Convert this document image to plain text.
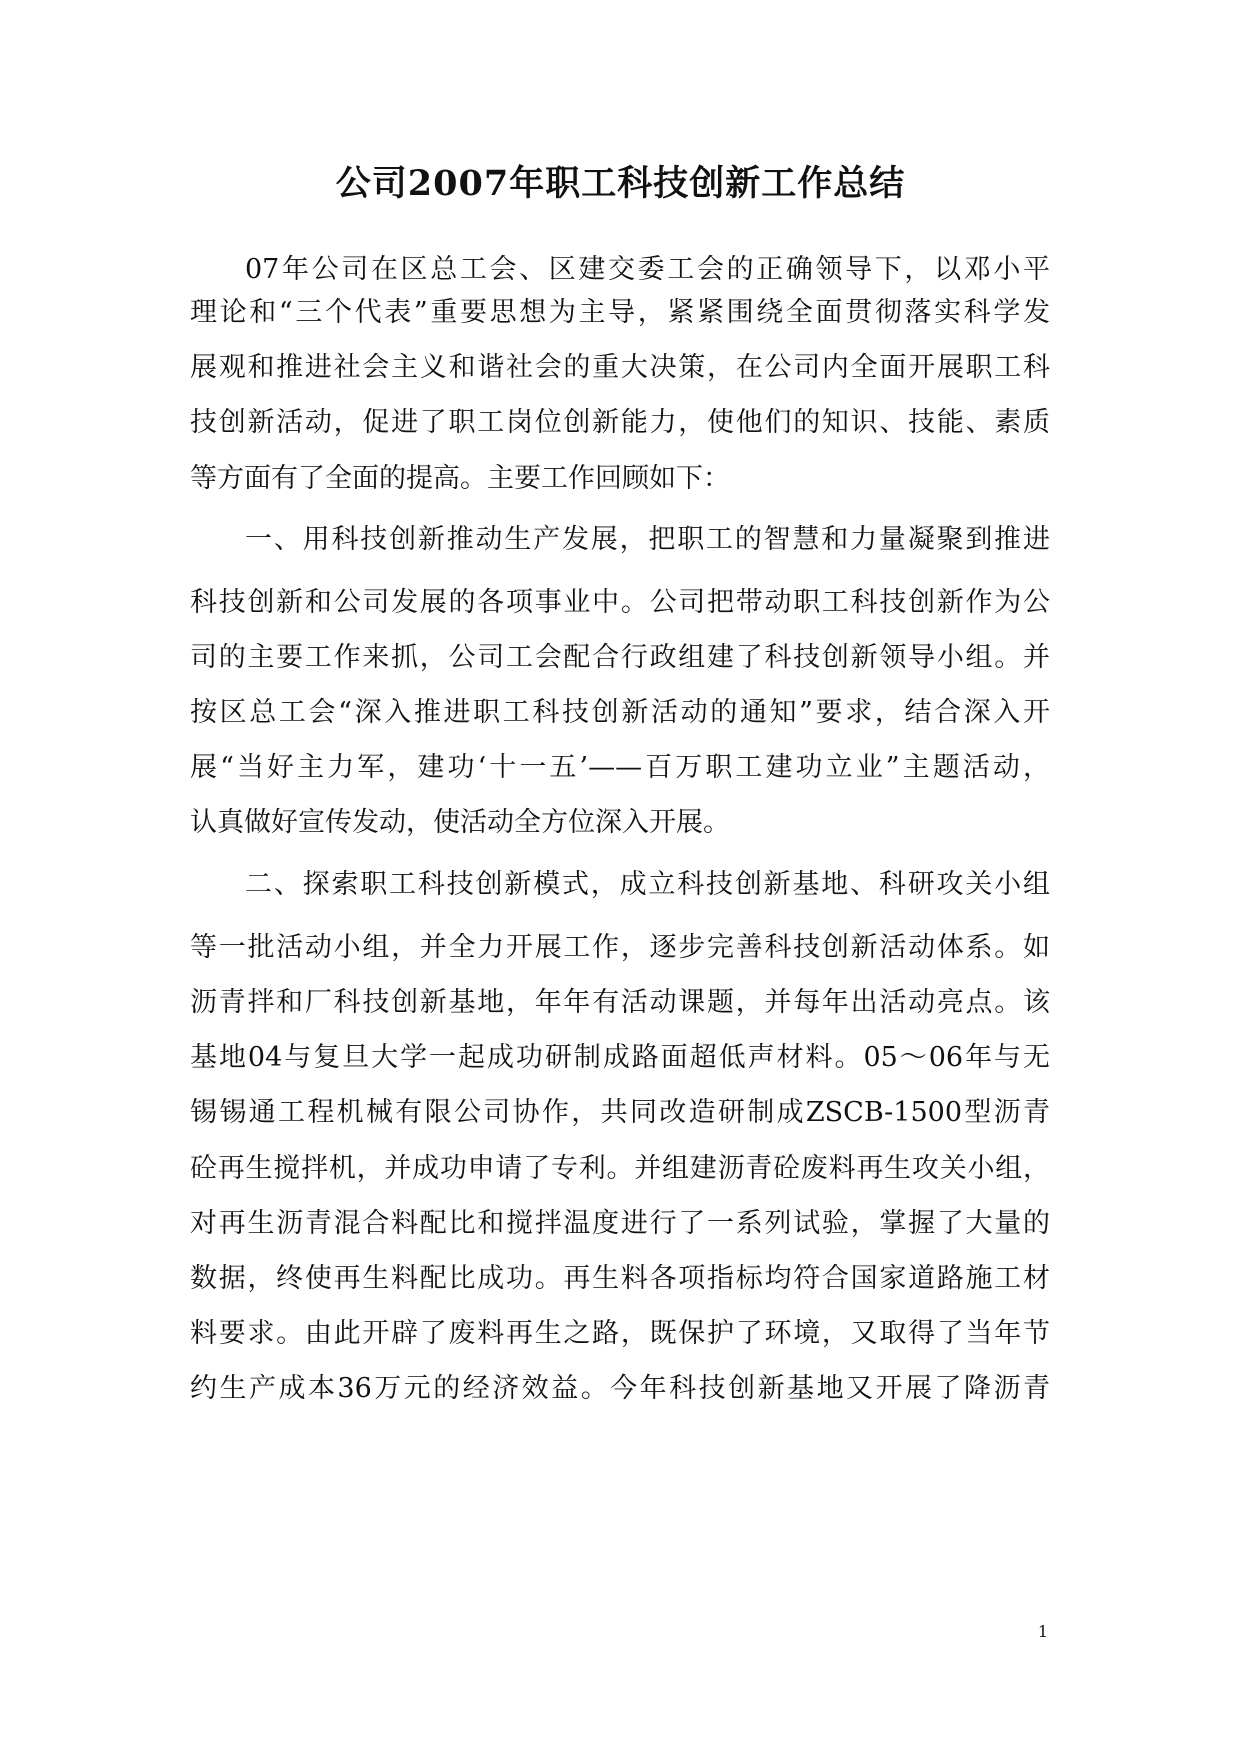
公司2007年职工科技创新工作总结
07年公司在区总工会、区建交委工会的正确领导下，以邓小平
理论和“三个代表”重要思想为主导，紧紧围绕全面贯彻落实科学发
展观和推进社会主义和谐社会的重大决策，在公司内全面开展职工科
技创新活动，促进了职工岗位创新能力，使他们的知识、技能、素质
等方面有了全面的提高。主要工作回顾如下：
一、用科技创新推动生产发展，把职工的智慧和力量凝聚到推进
科技创新和公司发展的各项事业中。公司把带动职工科技创新作为公
司的主要工作来抓，公司工会配合行政组建了科技创新领导小组。并
按区总工会“深入推进职工科技创新活动的通知”要求，结合深入开
展“当好主力军，建功‘十一五’——百万职工建功立业”主题活动，
认真做好宣传发动，使活动全方位深入开展。
二、探索职工科技创新模式，成立科技创新基地、科研攻关小组
等一批活动小组，并全力开展工作，逐步完善科技创新活动体系。如
沥青拌和厂科技创新基地，年年有活动课题，并每年出活动亮点。该
基地04与复旦大学一起成功研制成路面超低声材料。05～06年与无
锡锡通工程机械有限公司协作，共同改造研制成ZSCB-1500型沥青
砼再生搅拌机，并成功申请了专利。并组建沥青砼废料再生攻关小组，
对再生沥青混合料配比和搅拌温度进行了一系列试验，掌握了大量的
数据，终使再生料配比成功。再生料各项指标均符合国家道路施工材
料要求。由此开辟了废料再生之路，既保护了环境，又取得了当年节
约生产成本36万元的经济效益。今年科技创新基地又开展了降沥青
1
